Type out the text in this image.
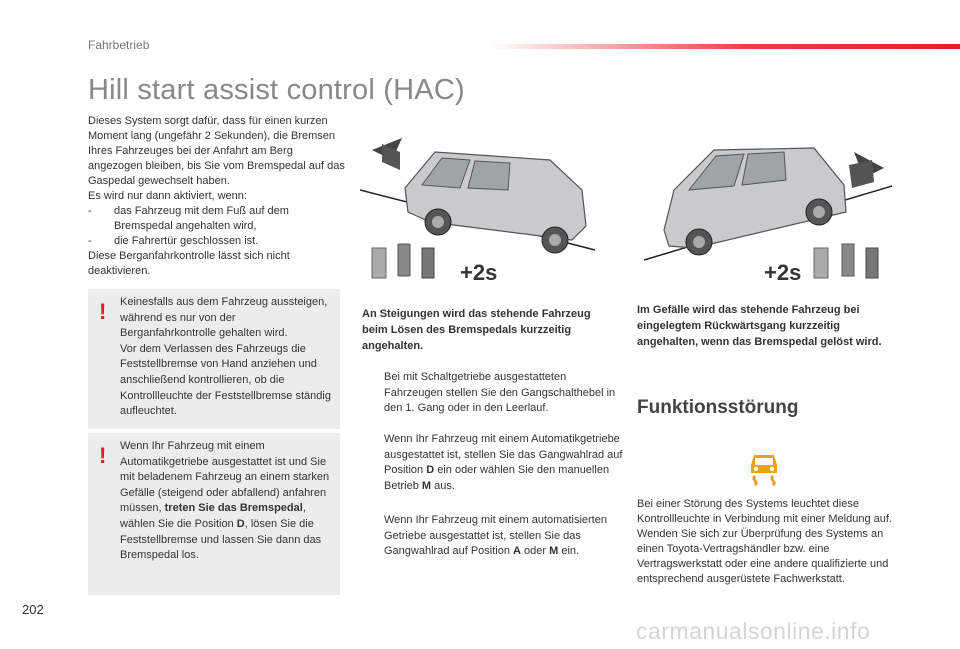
Fahrbetrieb
Hill start assist control (HAC)
Dieses System sorgt dafür, dass für einen kurzen Moment lang (ungefähr 2 Sekunden), die Bremsen Ihres Fahrzeuges bei der Anfahrt am Berg angezogen bleiben, bis Sie vom Bremspedal auf das Gaspedal gewechselt haben.
Es wird nur dann aktiviert, wenn:
-	das Fahrzeug mit dem Fuß auf dem Bremspedal angehalten wird,
-	die Fahrertür geschlossen ist.
Diese Berganfahrkontrolle lässt sich nicht deaktivieren.
! Keinesfalls aus dem Fahrzeug aussteigen, während es nur von der Berganfahrkontrolle gehalten wird.
Vor dem Verlassen des Fahrzeugs die Feststellbremse von Hand anziehen und anschließend kontrollieren, ob die Kontrollleuchte der Feststellbremse ständig aufleuchtet.
! Wenn Ihr Fahrzeug mit einem Automatikgetriebe ausgestattet ist und Sie mit beladenem Fahrzeug an einem starken Gefälle (steigend oder abfallend) anfahren müssen, treten Sie das Bremspedal, wählen Sie die Position D, lösen Sie die Feststellbremse und lassen Sie dann das Bremspedal los.
+2s	+2s
An Steigungen wird das stehende Fahrzeug beim Lösen des Bremspedals kurzzeitig angehalten.
Im Gefälle wird das stehende Fahrzeug bei eingelegtem Rückwärtsgang kurzzeitig angehalten, wenn das Bremspedal gelöst wird.
Bei mit Schaltgetriebe ausgestatteten Fahrzeugen stellen Sie den Gangschalthebel in den 1. Gang oder in den Leerlauf.
Wenn Ihr Fahrzeug mit einem Automatikgetriebe ausgestattet ist, stellen Sie das Gangwahlrad auf Position D ein oder wählen Sie den manuellen Betrieb M aus.
Wenn Ihr Fahrzeug mit einem automatisierten Getriebe ausgestattet ist, stellen Sie das Gangwahlrad auf Position A oder M ein.
Funktionsstörung
Bei einer Störung des Systems leuchtet diese Kontrollleuchte in Verbindung mit einer Meldung auf. Wenden Sie sich zur Überprüfung des Systems an einen Toyota-Vertragshändler bzw. eine Vertragswerkstatt oder eine andere qualifizierte und entsprechend ausgerüstete Fachwerkstatt.
202
carmanualsonline.info
